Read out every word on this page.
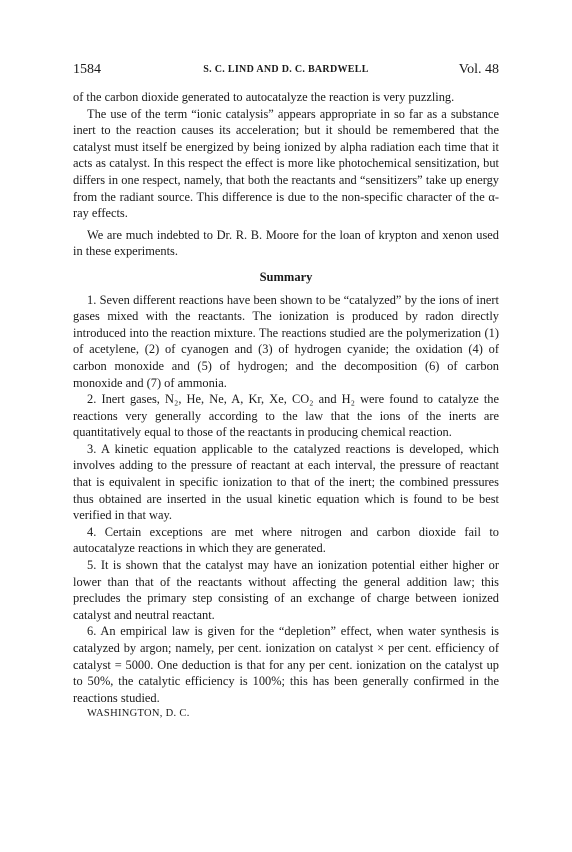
1584	S. C. LIND AND D. C. BARDWELL	Vol. 48

of the carbon dioxide generated to autocatalyze the reaction is very puzzling.

The use of the term “ionic catalysis” appears appropriate in so far as a substance inert to the reaction causes its acceleration; but it should be remembered that the catalyst must itself be energized by being ionized by alpha radiation each time that it acts as catalyst. In this respect the effect is more like photochemical sensitization, but differs in one respect, namely, that both the reactants and “sensitizers” take up energy from the radiant source. This difference is due to the non-specific character of the α-ray effects.

We are much indebted to Dr. R. B. Moore for the loan of krypton and xenon used in these experiments.

Summary

1. Seven different reactions have been shown to be “catalyzed” by the ions of inert gases mixed with the reactants. The ionization is produced by radon directly introduced into the reaction mixture. The reactions studied are the polymerization (1) of acetylene, (2) of cyanogen and (3) of hydrogen cyanide; the oxidation (4) of carbon monoxide and (5) of hydrogen; and the decomposition (6) of carbon monoxide and (7) of ammonia.

2. Inert gases, N₂, He, Ne, A, Kr, Xe, CO₂ and H₂ were found to catalyze the reactions very generally according to the law that the ions of the inerts are quantitatively equal to those of the reactants in producing chemical reaction.

3. A kinetic equation applicable to the catalyzed reactions is developed, which involves adding to the pressure of reactant at each interval, the pressure of reactant that is equivalent in specific ionization to that of the inert; the combined pressures thus obtained are inserted in the usual kinetic equation which is found to be best verified in that way.

4. Certain exceptions are met where nitrogen and carbon dioxide fail to autocatalyze reactions in which they are generated.

5. It is shown that the catalyst may have an ionization potential either higher or lower than that of the reactants without affecting the general addition law; this precludes the primary step consisting of an exchange of charge between ionized catalyst and neutral reactant.

6. An empirical law is given for the “depletion” effect, when water synthesis is catalyzed by argon; namely, per cent. ionization on catalyst × per cent. efficiency of catalyst = 5000. One deduction is that for any per cent. ionization on the catalyst up to 50%, the catalytic efficiency is 100%; this has been generally confirmed in the reactions studied.

WASHINGTON, D. C.
